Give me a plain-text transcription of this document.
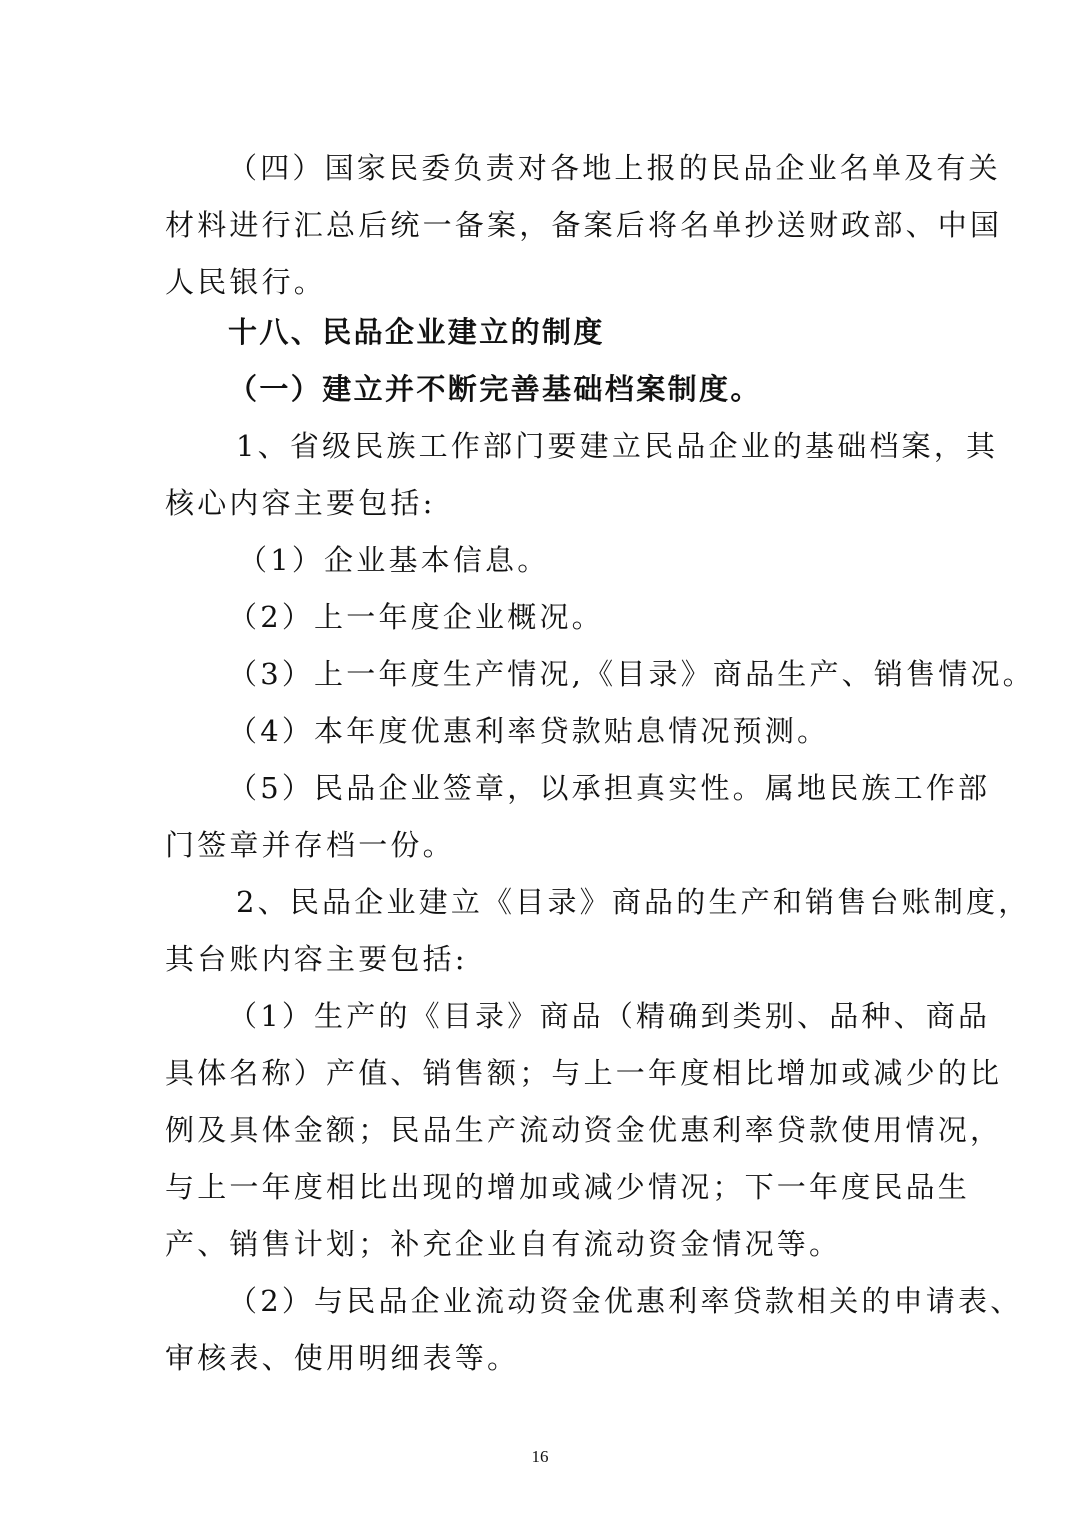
（四）国家民委负责对各地上报的民品企业名单及有关
材料进行汇总后统一备案，备案后将名单抄送财政部、中国
人民银行。
十八、民品企业建立的制度
（一）建立并不断完善基础档案制度。
1、省级民族工作部门要建立民品企业的基础档案，其
核心内容主要包括:
（1）企业基本信息。
（2）上一年度企业概况。
（3）上一年度生产情况,《目录》商品生产、销售情况。
（4）本年度优惠利率贷款贴息情况预测。
（5）民品企业签章，以承担真实性。属地民族工作部
门签章并存档一份。
2、民品企业建立《目录》商品的生产和销售台账制度，
其台账内容主要包括:
（1）生产的《目录》商品（精确到类别、品种、商品
具体名称）产值、销售额；与上一年度相比增加或减少的比
例及具体金额；民品生产流动资金优惠利率贷款使用情况，
与上一年度相比出现的增加或减少情况；下一年度民品生
产、销售计划；补充企业自有流动资金情况等。
（2）与民品企业流动资金优惠利率贷款相关的申请表、
审核表、使用明细表等。
16
